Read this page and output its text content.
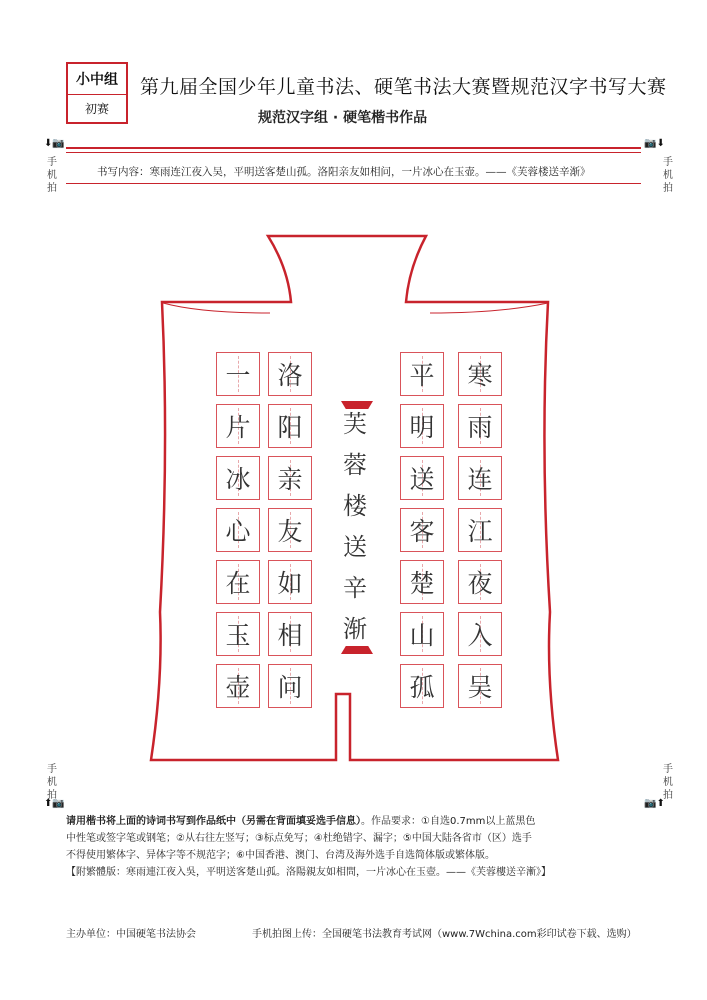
小中组
初赛
第九届全国少年儿童书法、硬笔书法大赛暨规范汉字书写大赛
规范汉字组 · 硬笔楷书作品
⬇📷	📷⬇
手机拍
手机拍
手机拍
手机拍
⬆📷	📷⬆
书写内容：寒雨连江夜入吴，平明送客楚山孤。洛阳亲友如相问，一片冰心在玉壶。——《芙蓉楼送辛渐》
芙蓉楼送辛渐
寒
雨
连
江
夜
入
吴
平
明
送
客
楚
山
孤
洛
阳
亲
友
如
相
问
一
片
冰
心
在
玉
壶
请用楷书将上面的诗词书写到作品纸中（另需在背面填妥选手信息）。作品要求：①自选0.7mm以上蓝黑色
中性笔或签字笔或钢笔；②从右往左竖写；③标点免写；④杜绝错字、漏字；⑤中国大陆各省市（区）选手
不得使用繁体字、异体字等不规范字；⑥中国香港、澳门、台湾及海外选手自选简体版或繁体版。
【附繁體版：寒雨連江夜入吳，平明送客楚山孤。洛陽親友如相問，一片冰心在玉壺。——《芙蓉樓送辛漸》】
主办单位：中国硬笔书法协会	手机拍图上传：全国硬笔书法教育考试网（www.7Wchina.com彩印试卷下载、选购）
